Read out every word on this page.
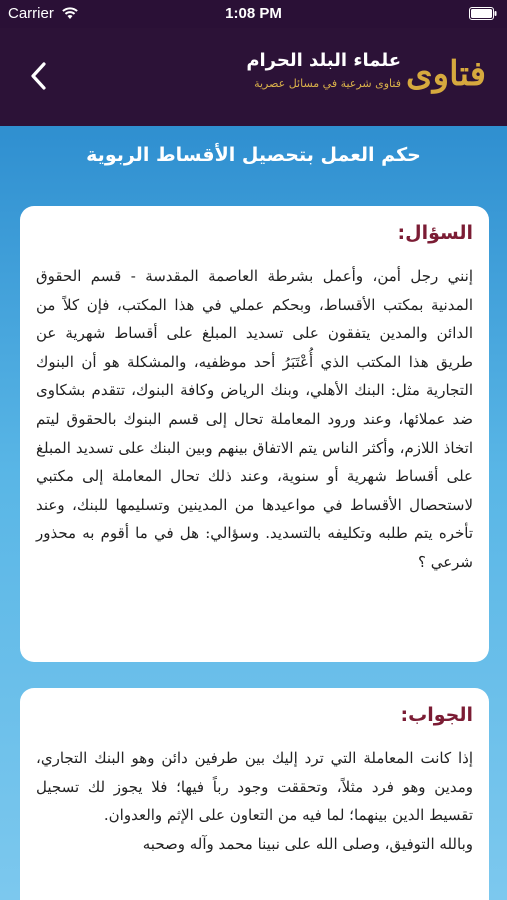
Carrier	1:08 PM
علماء البلد الحرام
فتاوى شرعية في مسائل عصرية فتاوى
حكم العمل بتحصيل الأقساط الربوية
السؤال:
إنني رجل أمن، وأعمل بشرطة العاصمة المقدسة - قسم الحقوق المدنية بمكتب الأقساط، وبحكم عملي في هذا المكتب، فإن كلاً من الدائن والمدين يتفقون على تسديد المبلغ على أقساط شهرية عن طريق هذا المكتب الذي أُعْتَبَرُ أحد موظفيه، والمشكلة هو أن البنوك التجارية مثل: البنك الأهلي، وبنك الرياض وكافة البنوك، تتقدم بشكاوى ضد عملائها، وعند ورود المعاملة تحال إلى قسم البنوك بالحقوق ليتم اتخاذ اللازم، وأكثر الناس يتم الاتفاق بينهم وبين البنك على تسديد المبلغ على أقساط شهرية أو سنوية، وعند ذلك تحال المعاملة إلى مكتبي لاستحصال الأقساط في مواعيدها من المدينين وتسليمها للبنك، وعند تأخره يتم طلبه وتكليفه بالتسديد. وسؤالي: هل في ما أقوم به محذور شرعي ؟
الجواب:
إذا كانت المعاملة التي ترد إليك بين طرفين دائن وهو البنك التجاري، ومدين وهو فرد مثلاً، وتحققت وجود رباً فيها؛ فلا يجوز لك تسجيل تقسيط الدين بينهما؛ لما فيه من التعاون على الإثم والعدوان.
وبالله التوفيق، وصلى الله على نبينا محمد وآله وصحبه
